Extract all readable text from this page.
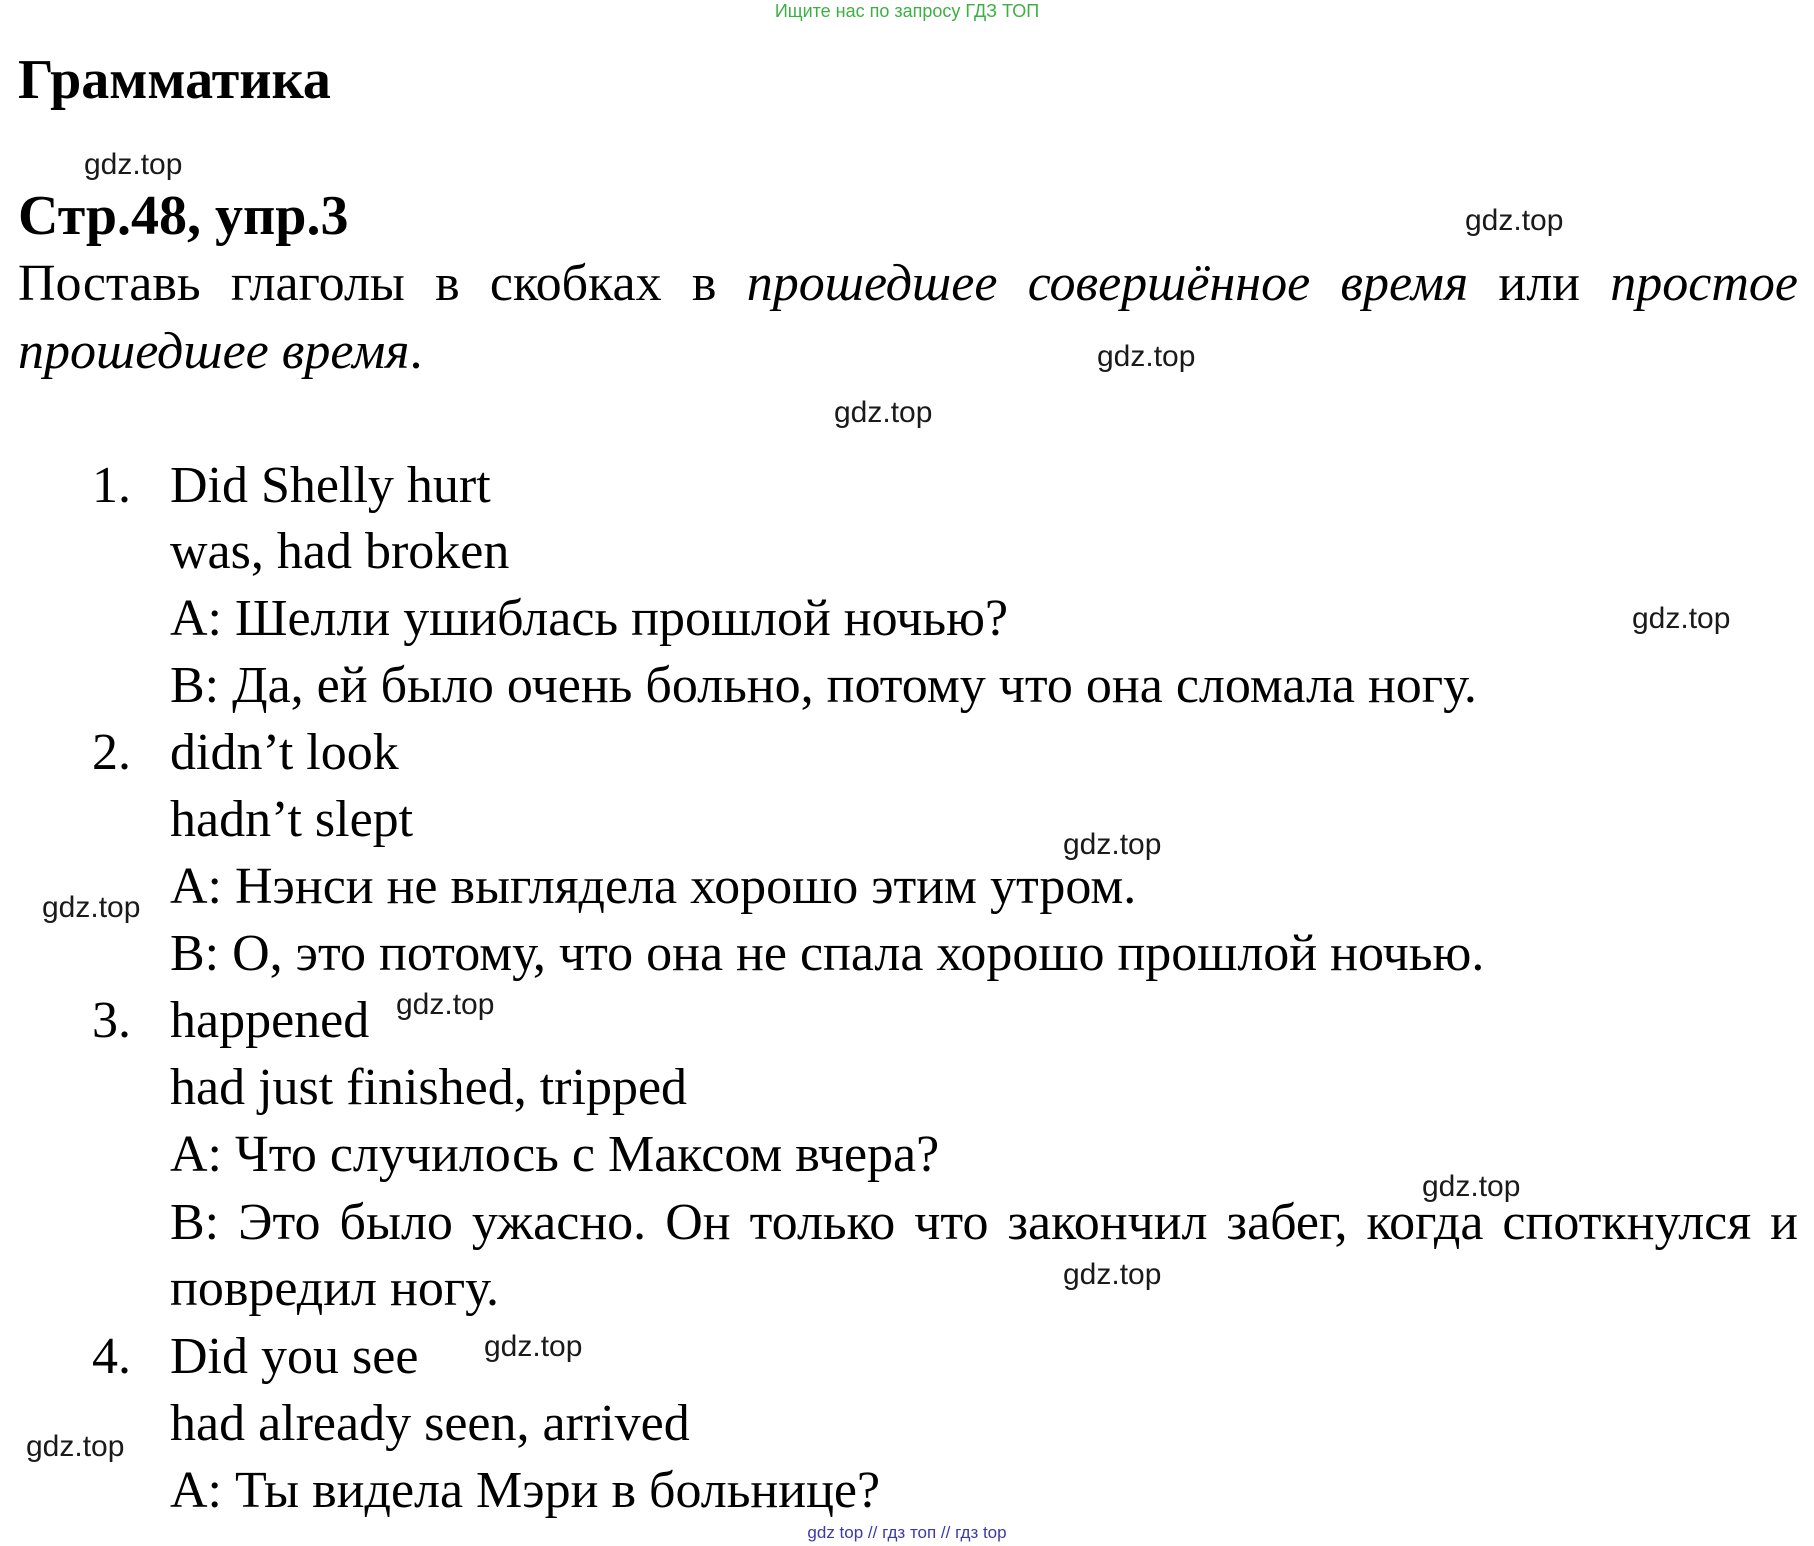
Ищите нас по запросу ГДЗ ТОП
Грамматика
Стр.48, упр.3
Поставь глаголы в скобках в прошедшее совершённое время или простое прошедшее время.
1. Did Shelly hurt
was, had broken
А: Шелли ушиблась прошлой ночью?
В: Да, ей было очень больно, потому что она сломала ногу.
2. didn’t look
hadn’t slept
А: Нэнси не выглядела хорошо этим утром.
В: О, это потому, что она не спала хорошо прошлой ночью.
3. happened
had just finished, tripped
А: Что случилось с Максом вчера?
В: Это было ужасно. Он только что закончил забег, когда споткнулся и повредил ногу.
4. Did you see
had already seen, arrived
А: Ты видела Мэри в больнице?
gdz.top
gdz.top
gdz.top
gdz.top
gdz.top
gdz.top
gdz.top
gdz.top
gdz.top
gdz.top
gdz.top
gdz.top
gdz top // гдз топ // гдз top
